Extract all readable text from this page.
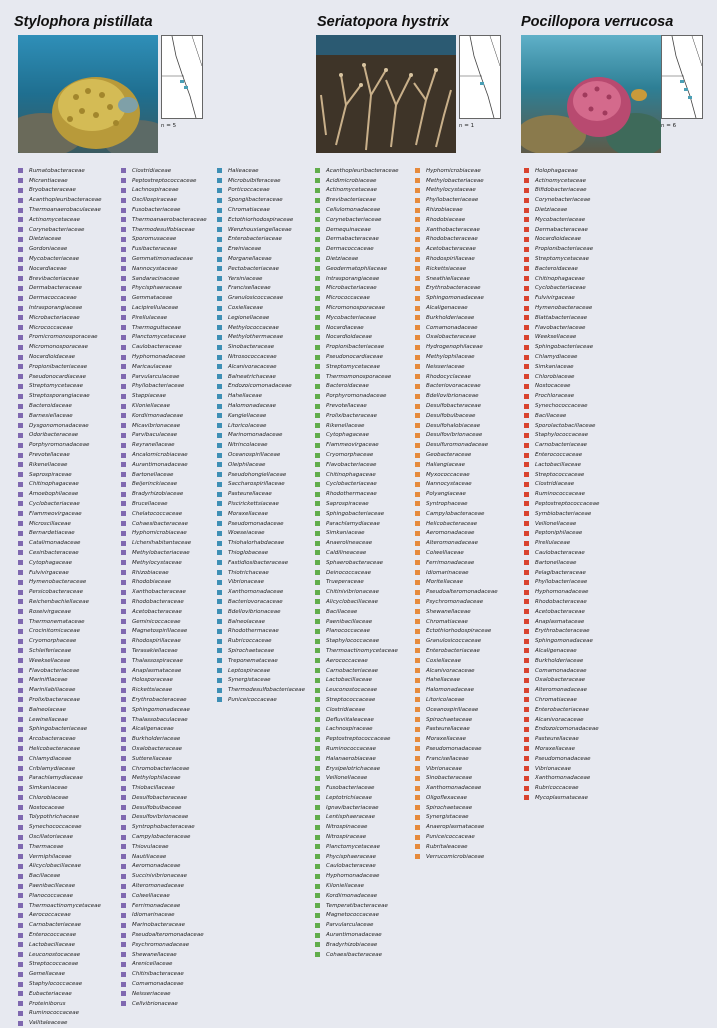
Stylophora pistillata	Seriatopora hystrix	Pocillopora verrucosa
n = 5	n = 1	n = 6
Rumatobacteraceae
Micrantiaceae
Bryobacteraceae
Acanthopleuribacteraceae
Thermoanaerobaculaceae
Actinomycetaceae
Corynebacteriaceae
Dietziaceae
Gordoniaceae
Mycobacteriaceae
Nocardiaceae
Brevibacteriaceae
Dermabacteraceae
Dermacoccaceae
Intrasporangiaceae
Microbacteriaceae
Micrococcaceae
Promicromonosporaceae
Micromonosporaceae
Nocardioidaceae
Propionibacteriaceae
Pseudonocardiaceae
Streptomycetaceae
Streptosporangiaceae
Bacteroidaceae
Barnesiellaceae
Dysgonomonadaceae
Odoribacteraceae
Porphyromonadaceae
Prevotellaceae
Rikenellaceae
Saprospiraceae
Chitinophagaceae
Amoebophilaceae
Cyclobacteriaceae
Flammeovirgaceae
Microscillaceae
Bernardetiaceae
Catalimonadaceae
Cesiribacteraceae
Cytophagaceae
Fulvivirgaceae
Hymenobacteraceae
Persicobacteraceae
Reichenbachiellaceae
Roseivirgaceae
Thermonemataceae
Crocinitomicaceae
Cryomorphaceae
Schleiferiaceae
Weeksellaceae
Flavobacteriaceae
Marinifilaceae
Marinilabiliaceae
Prolixibacteraceae
Balneolaceae
Lewinellaceae
Sphingobacteriaceae
Arcobacteraceae
Helicobacteraceae
Chlamydiaceae
Criblamydiaceae
Parachlamydiaceae
Simkaniaceae
Chlorobiaceae
Nostocaceae
Tolypothrichaceae
Synechococcaceae
Oscillatoriaceae
Thermaceae
Vermiphilaceae
Alicyclobacillaceae
Bacillaceae
Paenibacillaceae
Planococcaceae
Thermoactinomycetaceae
Aerococcaceae
Carnobacteriaceae
Enterococcaceae
Lactobacillaceae
Leuconostocaceae
Streptococcaceae
Gemellaceae
Staphylococcaceae
Eubacteriaceae
Proteiniborus
Ruminococcaceae
Vallitaleaceae
Clostridiaceae
Peptostreptococcaceae
Lachnospiraceae
Oscillospiraceae
Fusobacteriaceae
Thermoanaerobacteraceae
Thermodesulfobiaceae
Sporomusaceae
Fusibacteraceae
Gemmatimonadaceae
Nannocystaceae
Sandaracinaceae
Phycisphaeraceae
Gemmataceae
Lacipirellulaceae
Pirellulaceae
Thermoguttaceae
Planctomycetaceae
Caulobacteraceae
Hyphomonadaceae
Maricaulaceae
Parvularculaceae
Phyllobacteriaceae
Stappiaceae
Kiloniellaceae
Kordiimonadaceae
Micavibrionaceae
Parvibaculaceae
Reyranellaceae
Ancalomicrobiaceae
Aurantimonadaceae
Bartonellaceae
Beijerinckiaceae
Bradyrhizobiaceae
Brucellaceae
Chelatococcaceae
Cohaesibacteraceae
Hyphomicrobiaceae
Lichenihabitantaceae
Methylobacteriaceae
Methylocystaceae
Rhizobiaceae
Rhodobiaceae
Xanthobacteraceae
Rhodobacteraceae
Acetobacteraceae
Geminicoccaceae
Magnetospirillaceae
Rhodospirillaceae
Terasakiellaceae
Thalassospiraceae
Anaplasmataceae
Holosporaceae
Rickettsiaceae
Erythrobacteraceae
Sphingomonadaceae
Thalassobaculaceae
Alcaligenaceae
Burkholderiaceae
Oxalobacteraceae
Sutterellaceae
Chromobacteriaceae
Methylophilaceae
Thiobacillaceae
Desulfobacteraceae
Desulfobulbaceae
Desulfovibrionaceae
Syntrophobacteraceae
Campylobacteraceae
Thiovulaceae
Nautiliaceae
Aeromonadaceae
Succinivibrionaceae
Alteromonadaceae
Colwelliaceae
Ferrimonadaceae
Idiomarinaceae
Marinobacteraceae
Pseudoalteromonadaceae
Psychromonadaceae
Shewanellaceae
Arenicellaceae
Chitinibacteraceae
Comamonadaceae
Neisseriaceae
Cellvibrionaceae
Halieaceae
Microbulbiferaceae
Porticoccaceae
Spongiibacteraceae
Chromatiaceae
Ectothiorhodospiraceae
Wenzhouxiangellaceae
Enterobacteriaceae
Erwiniaceae
Morganellaceae
Pectobacteriaceae
Yersiniaceae
Francisellaceae
Granulosicoccaceae
Coxiellaceae
Legionellaceae
Methylococcaceae
Methylothermaceae
Sinobacteraceae
Nitrosococcaceae
Alcanivoracaceae
Balneatrichaceae
Endozoicomonadaceae
Hahellaceae
Halomonadaceae
Kangiellaceae
Litoricolaceae
Marinomonadaceae
Nitrincolaceae
Oceanospirillaceae
Oleiphilaceae
Pseudohongiellaceae
Saccharospirillaceae
Pasteurellaceae
Piscirickettsiaceae
Moraxellaceae
Pseudomonadaceae
Woeseiaceae
Thiohalorhabdaceae
Thioglobaceae
Fastidiosibacteraceae
Thiotrichaceae
Vibrionaceae
Xanthomonadaceae
Bacteriovoracaceae
Bdellovibrionaceae
Balneolaceae
Rhodothermaceae
Rubricoccaceae
Spirochaetaceae
Treponemataceae
Leptospiraceae
Synergistaceae
Thermodesulfobacteriaceae
Puniceicoccaceae
Acanthopleuribacteraceae
Acidimicrobiaceae
Actinomycetaceae
Brevibacteriaceae
Cellulomonadaceae
Corynebacteriaceae
Demequinaceae
Dermabacteraceae
Dermacoccaceae
Dietziaceae
Geodermatophilaceae
Intrasporangiaceae
Microbacteriaceae
Micrococcaceae
Micromonosporaceae
Mycobacteriaceae
Nocardiaceae
Nocardioidaceae
Propionibacteriaceae
Pseudonocardiaceae
Streptomycetaceae
Thermomonosporaceae
Bacteroidaceae
Porphyromonadaceae
Prevotellaceae
Prolixibacteraceae
Rikenellaceae
Cytophagaceae
Flammeovirgaceae
Cryomorphaceae
Flavobacteriaceae
Chitinophagaceae
Cyclobacteriaceae
Rhodothermaceae
Saprospiraceae
Sphingobacteriaceae
Parachlamydiaceae
Simkaniaceae
Anaerolineaceae
Caldilineaceae
Sphaerobacteraceae
Deinococcaceae
Trueperaceae
Chitinivibrionaceae
Alicyclobacillaceae
Bacillaceae
Paenibacillaceae
Planococcaceae
Staphylococcaceae
Thermoactinomycetaceae
Aerococcaceae
Carnobacteriaceae
Lactobacillaceae
Leuconostocaceae
Streptococcaceae
Clostridiaceae
Defluviitaleaceae
Lachnospiraceae
Peptostreptococcaceae
Ruminococcaceae
Halanaerobiaceae
Erysipelotrichaceae
Veillonellaceae
Fusobacteriaceae
Leptotrichiaceae
Ignavibacteriaceae
Lentisphaeraceae
Nitrospinaceae
Nitrospiraceae
Planctomycetaceae
Phycisphaeraceae
Caulobacteraceae
Hyphomonadaceae
Kiloniellaceae
Kordiimonadaceae
Temperatibacteraceae
Magnetococcaceae
Parvularculaceae
Aurantimonadaceae
Bradyrhizobiaceae
Cohaesibacteraceae
Hyphomicrobiaceae
Methylobacteriaceae
Methylocystaceae
Phyllobacteriaceae
Rhizobiaceae
Rhodobiaceae
Xanthobacteraceae
Rhodobacteraceae
Acetobacteraceae
Rhodospirillaceae
Rickettsiaceae
Sneathiellaceae
Erythrobacteraceae
Sphingomonadaceae
Alcaligenaceae
Burkholderiaceae
Comamonadaceae
Oxalobacteraceae
Hydrogenophilaceae
Methylophilaceae
Neisseriaceae
Rhodocyclaceae
Bacteriovoracaceae
Bdellovibrionaceae
Desulfobacteraceae
Desulfobulbaceae
Desulfohalobiaceae
Desulfovibrionaceae
Desulfuromonadaceae
Geobacteraceae
Haliangiaceae
Myxococcaceae
Nannocystaceae
Polyangiaceae
Syntrophaceae
Campylobacteraceae
Helicobacteraceae
Aeromonadaceae
Alteromonadaceae
Colwelliaceae
Ferrimonadaceae
Idiomarinaceae
Moritellaceae
Pseudoalteromonadaceae
Psychromonadaceae
Shewanellaceae
Chromatiaceae
Ectothiorhodospiraceae
Granulosicoccaceae
Enterobacteriaceae
Coxiellaceae
Alcanivoracaceae
Hahellaceae
Halomonadaceae
Litoricolaceae
Oceanospirillaceae
Spirochaetaceae
Pasteurellaceae
Moraxellaceae
Pseudomonadaceae
Francisellaceae
Vibrionaceae
Sinobacteraceae
Xanthomonadaceae
Oligoflexaceae
Spirochaetaceae
Synergistaceae
Anaeroplasmataceae
Puniceicoccaceae
Rubritaleaceae
Verrucomicrobiaceae
Holophagaceae
Actinomycetaceae
Bifidobacteriaceae
Corynebacteriaceae
Dietziaceae
Mycobacteriaceae
Dermabacteraceae
Nocardioidaceae
Propionibacteriaceae
Streptomycetaceae
Bacteroidaceae
Chitinophagaceae
Cyclobacteriaceae
Fulvivirgaceae
Hymenobacteraceae
Blattabacteriaceae
Flavobacteriaceae
Weeksellaceae
Sphingobacteriaceae
Chlamydiaceae
Simkaniaceae
Chlorobiaceae
Nostocaceae
Prochloraceae
Synechococcaceae
Bacillaceae
Sporolactobacillaceae
Staphylococcaceae
Carnobacteriaceae
Enterococcaceae
Lactobacillaceae
Streptococcaceae
Clostridiaceae
Ruminococcaceae
Peptostreptococcaceae
Symbiobacteriaceae
Veillonellaceae
Peptoniphilaceae
Pirellulaceae
Caulobacteraceae
Bartonellaceae
Pelagibacteraceae
Phyllobacteriaceae
Hyphomonadaceae
Rhodobacteraceae
Acetobacteraceae
Anaplasmataceae
Erythrobacteraceae
Sphingomonadaceae
Alcaligenaceae
Burkholderiaceae
Comamonadaceae
Oxalobacteraceae
Alteromonadaceae
Chromatiaceae
Enterobacteriaceae
Alcanivoracaceae
Endozoicomonadaceae
Pasteurellaceae
Moraxellaceae
Pseudomonadaceae
Vibrionaceae
Xanthomonadaceae
Rubricoccaceae
Mycoplasmataceae
